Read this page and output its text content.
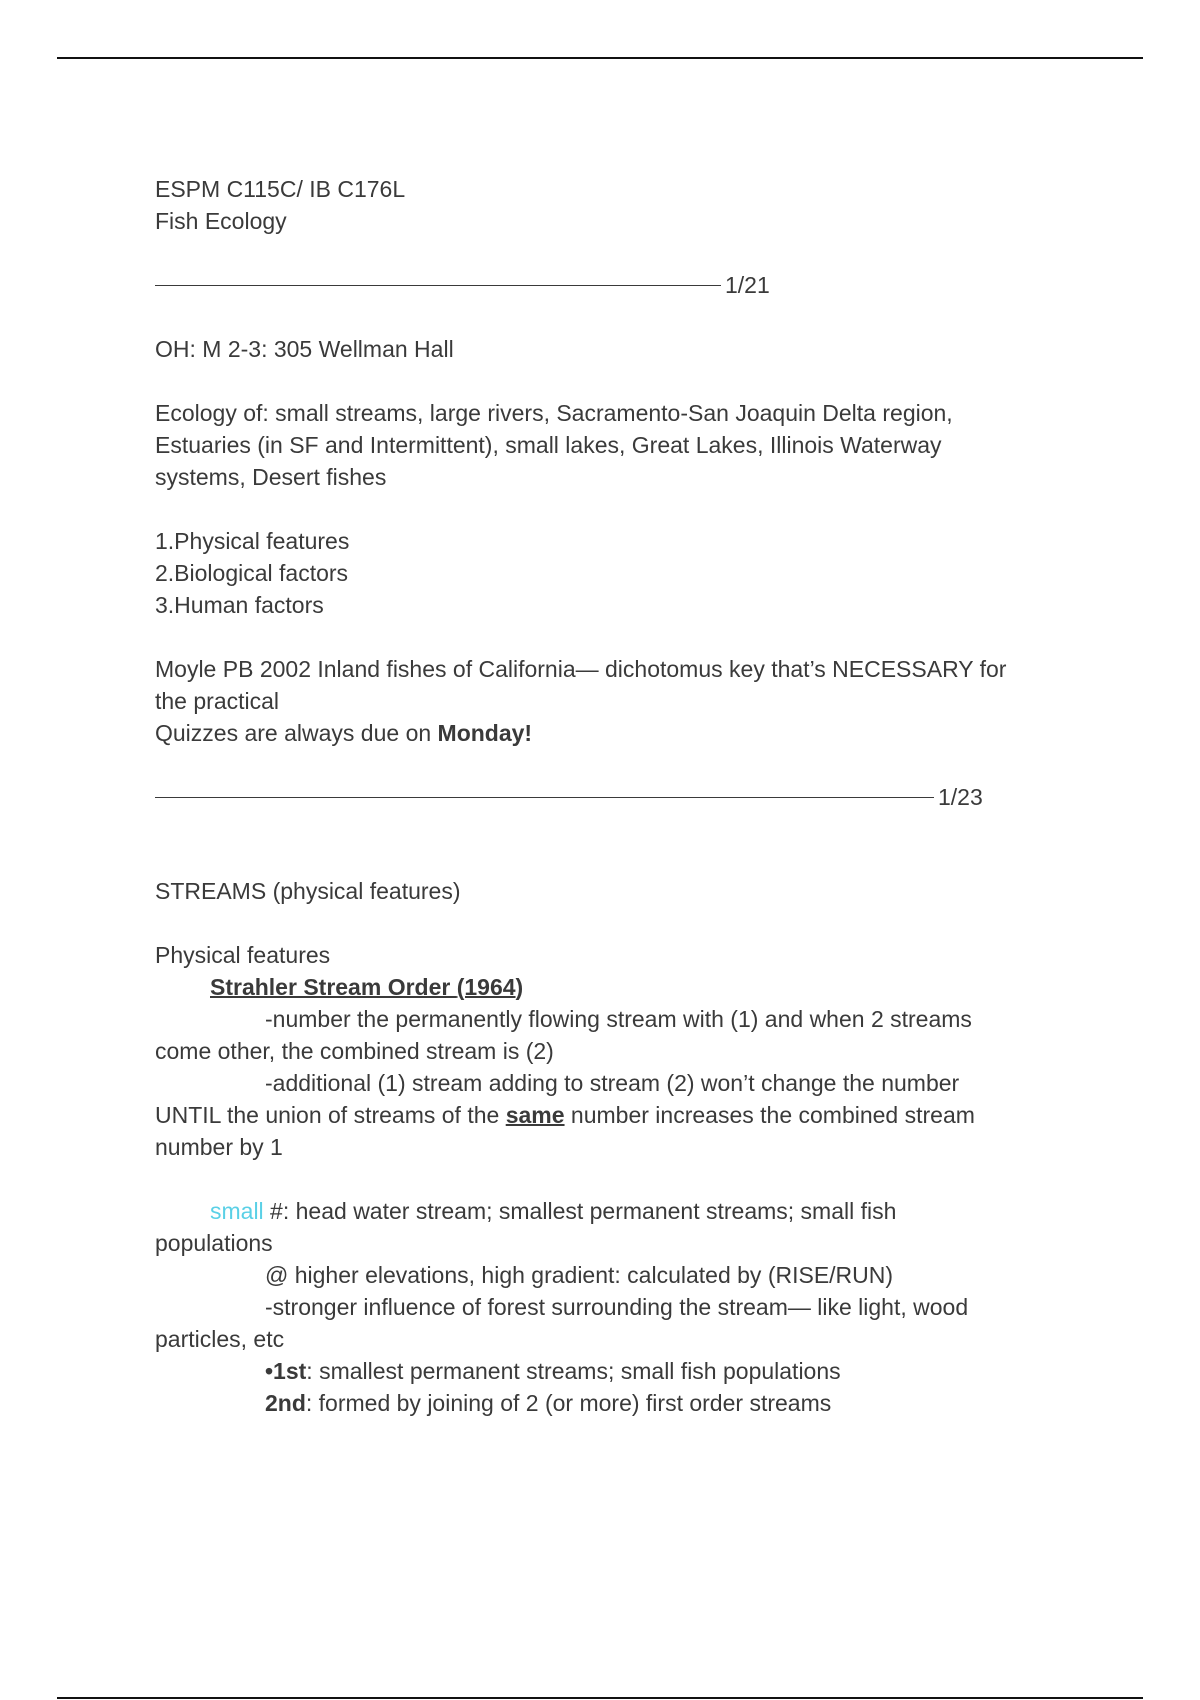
ESPM C115C/ IB C176L

Fish Ecology

1/21

OH: M 2-3: 305 Wellman Hall

Ecology of: small streams, large rivers, Sacramento-San Joaquin Delta region,

Estuaries (in SF and Intermittent), small lakes, Great Lakes, Illinois Waterway

systems, Desert fishes

1.Physical features

2.Biological factors

3.Human factors

Moyle PB 2002 Inland fishes of California— dichotomus key that’s NECESSARY for

the practical

Quizzes are always due on Monday!

1/23

STREAMS (physical features)

Physical features

Strahler Stream Order (1964)

-number the permanently flowing stream with (1) and when 2 streams

come other, the combined stream is (2)

-additional (1) stream adding to stream (2) won’t change the number

UNTIL the union of streams of the same number increases the combined stream

number by 1

small #: head water stream; smallest permanent streams; small fish

populations

@ higher elevations, high gradient: calculated by (RISE/RUN)

-stronger influence of forest surrounding the stream— like light, wood

particles, etc

•1st: smallest permanent streams; small fish populations

2nd: formed by joining of 2 (or more) first order streams
